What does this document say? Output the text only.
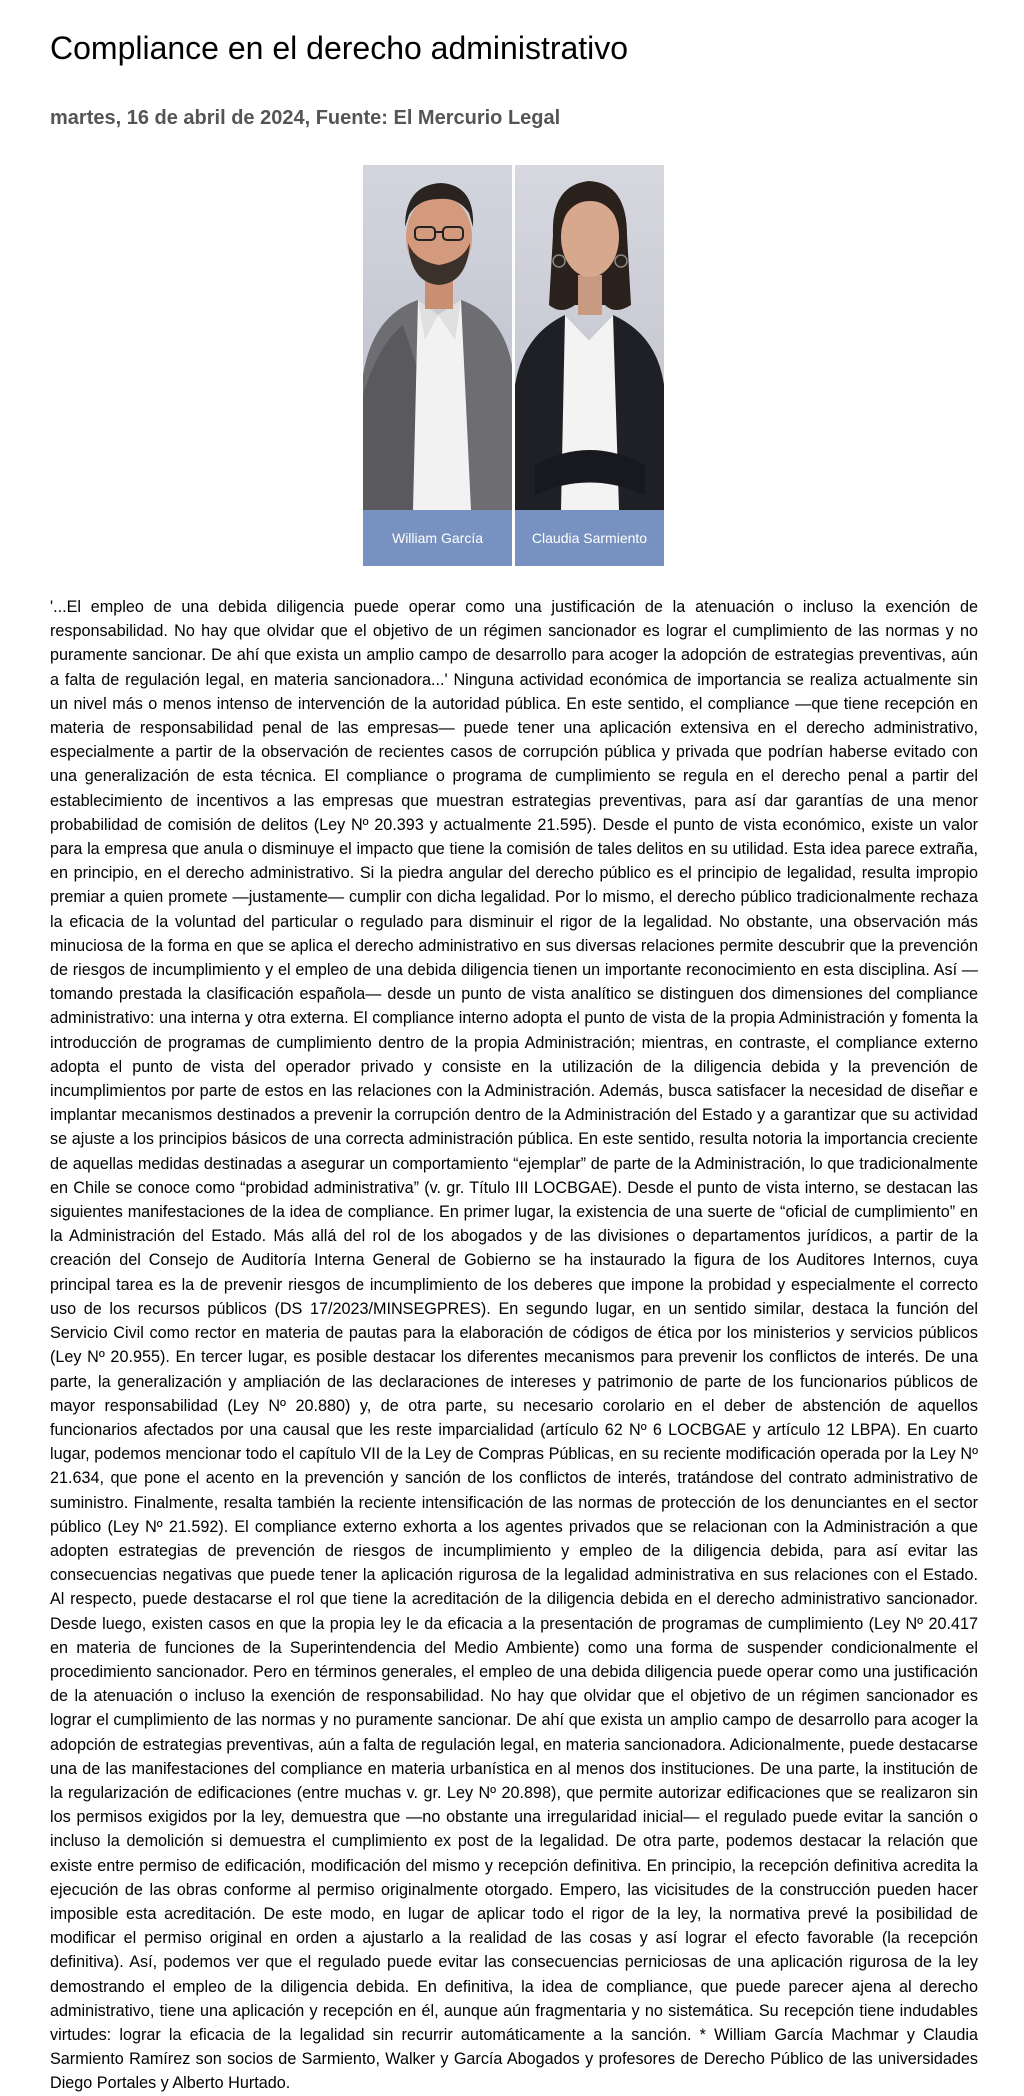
Compliance en el derecho administrativo
martes, 16 de abril de 2024, Fuente: El Mercurio Legal
William García	Claudia Sarmiento

'...El empleo de una debida diligencia puede operar como una justificación de la atenuación o incluso la exención de responsabilidad. No hay que olvidar que el objetivo de un régimen sancionador es lograr el cumplimiento de las normas y no puramente sancionar. De ahí que exista un amplio campo de desarrollo para acoger la adopción de estrategias preventivas, aún a falta de regulación legal, en materia sancionadora...' Ninguna actividad económica de importancia se realiza actualmente sin un nivel más o menos intenso de intervención de la autoridad pública. En este sentido, el compliance —que tiene recepción en materia de responsabilidad penal de las empresas— puede tener una aplicación extensiva en el derecho administrativo, especialmente a partir de la observación de recientes casos de corrupción pública y privada que podrían haberse evitado con una generalización de esta técnica. El compliance o programa de cumplimiento se regula en el derecho penal a partir del establecimiento de incentivos a las empresas que muestran estrategias preventivas, para así dar garantías de una menor probabilidad de comisión de delitos (Ley Nº 20.393 y actualmente 21.595). Desde el punto de vista económico, existe un valor para la empresa que anula o disminuye el impacto que tiene la comisión de tales delitos en su utilidad. Esta idea parece extraña, en principio, en el derecho administrativo. Si la piedra angular del derecho público es el principio de legalidad, resulta impropio premiar a quien promete —justamente— cumplir con dicha legalidad. Por lo mismo, el derecho público tradicionalmente rechaza la eficacia de la voluntad del particular o regulado para disminuir el rigor de la legalidad. No obstante, una observación más minuciosa de la forma en que se aplica el derecho administrativo en sus diversas relaciones permite descubrir que la prevención de riesgos de incumplimiento y el empleo de una debida diligencia tienen un importante reconocimiento en esta disciplina. Así —tomando prestada la clasificación española— desde un punto de vista analítico se distinguen dos dimensiones del compliance administrativo: una interna y otra externa. El compliance interno adopta el punto de vista de la propia Administración y fomenta la introducción de programas de cumplimiento dentro de la propia Administración; mientras, en contraste, el compliance externo adopta el punto de vista del operador privado y consiste en la utilización de la diligencia debida y la prevención de incumplimientos por parte de estos en las relaciones con la Administración. Además, busca satisfacer la necesidad de diseñar e implantar mecanismos destinados a prevenir la corrupción dentro de la Administración del Estado y a garantizar que su actividad se ajuste a los principios básicos de una correcta administración pública. En este sentido, resulta notoria la importancia creciente de aquellas medidas destinadas a asegurar un comportamiento “ejemplar” de parte de la Administración, lo que tradicionalmente en Chile se conoce como “probidad administrativa” (v. gr. Título III LOCBGAE). Desde el punto de vista interno, se destacan las siguientes manifestaciones de la idea de compliance. En primer lugar, la existencia de una suerte de “oficial de cumplimiento” en la Administración del Estado. Más allá del rol de los abogados y de las divisiones o departamentos jurídicos, a partir de la creación del Consejo de Auditoría Interna General de Gobierno se ha instaurado la figura de los Auditores Internos, cuya principal tarea es la de prevenir riesgos de incumplimiento de los deberes que impone la probidad y especialmente el correcto uso de los recursos públicos (DS 17/2023/MINSEGPRES). En segundo lugar, en un sentido similar, destaca la función del Servicio Civil como rector en materia de pautas para la elaboración de códigos de ética por los ministerios y servicios públicos (Ley Nº 20.955). En tercer lugar, es posible destacar los diferentes mecanismos para prevenir los conflictos de interés. De una parte, la generalización y ampliación de las declaraciones de intereses y patrimonio de parte de los funcionarios públicos de mayor responsabilidad (Ley Nº 20.880) y, de otra parte, su necesario corolario en el deber de abstención de aquellos funcionarios afectados por una causal que les reste imparcialidad (artículo 62 Nº 6 LOCBGAE y artículo 12 LBPA). En cuarto lugar, podemos mencionar todo el capítulo VII de la Ley de Compras Públicas, en su reciente modificación operada por la Ley Nº 21.634, que pone el acento en la prevención y sanción de los conflictos de interés, tratándose del contrato administrativo de suministro. Finalmente, resalta también la reciente intensificación de las normas de protección de los denunciantes en el sector público (Ley Nº 21.592). El compliance externo exhorta a los agentes privados que se relacionan con la Administración a que adopten estrategias de prevención de riesgos de incumplimiento y empleo de la diligencia debida, para así evitar las consecuencias negativas que puede tener la aplicación rigurosa de la legalidad administrativa en sus relaciones con el Estado. Al respecto, puede destacarse el rol que tiene la acreditación de la diligencia debida en el derecho administrativo sancionador. Desde luego, existen casos en que la propia ley le da eficacia a la presentación de programas de cumplimiento (Ley Nº 20.417 en materia de funciones de la Superintendencia del Medio Ambiente) como una forma de suspender condicionalmente el procedimiento sancionador. Pero en términos generales, el empleo de una debida diligencia puede operar como una justificación de la atenuación o incluso la exención de responsabilidad. No hay que olvidar que el objetivo de un régimen sancionador es lograr el cumplimiento de las normas y no puramente sancionar. De ahí que exista un amplio campo de desarrollo para acoger la adopción de estrategias preventivas, aún a falta de regulación legal, en materia sancionadora. Adicionalmente, puede destacarse una de las manifestaciones del compliance en materia urbanística en al menos dos instituciones. De una parte, la institución de la regularización de edificaciones (entre muchas v. gr. Ley Nº 20.898), que permite autorizar edificaciones que se realizaron sin los permisos exigidos por la ley, demuestra que —no obstante una irregularidad inicial— el regulado puede evitar la sanción o incluso la demolición si demuestra el cumplimiento ex post de la legalidad. De otra parte, podemos destacar la relación que existe entre permiso de edificación, modificación del mismo y recepción definitiva. En principio, la recepción definitiva acredita la ejecución de las obras conforme al permiso originalmente otorgado. Empero, las vicisitudes de la construcción pueden hacer imposible esta acreditación. De este modo, en lugar de aplicar todo el rigor de la ley, la normativa prevé la posibilidad de modificar el permiso original en orden a ajustarlo a la realidad de las cosas y así lograr el efecto favorable (la recepción definitiva). Así, podemos ver que el regulado puede evitar las consecuencias perniciosas de una aplicación rigurosa de la ley demostrando el empleo de la diligencia debida. En definitiva, la idea de compliance, que puede parecer ajena al derecho administrativo, tiene una aplicación y recepción en él, aunque aún fragmentaria y no sistemática. Su recepción tiene indudables virtudes: lograr la eficacia de la legalidad sin recurrir automáticamente a la sanción. * William García Machmar y Claudia Sarmiento Ramírez son socios de Sarmiento, Walker y García Abogados y profesores de Derecho Público de las universidades Diego Portales y Alberto Hurtado.
